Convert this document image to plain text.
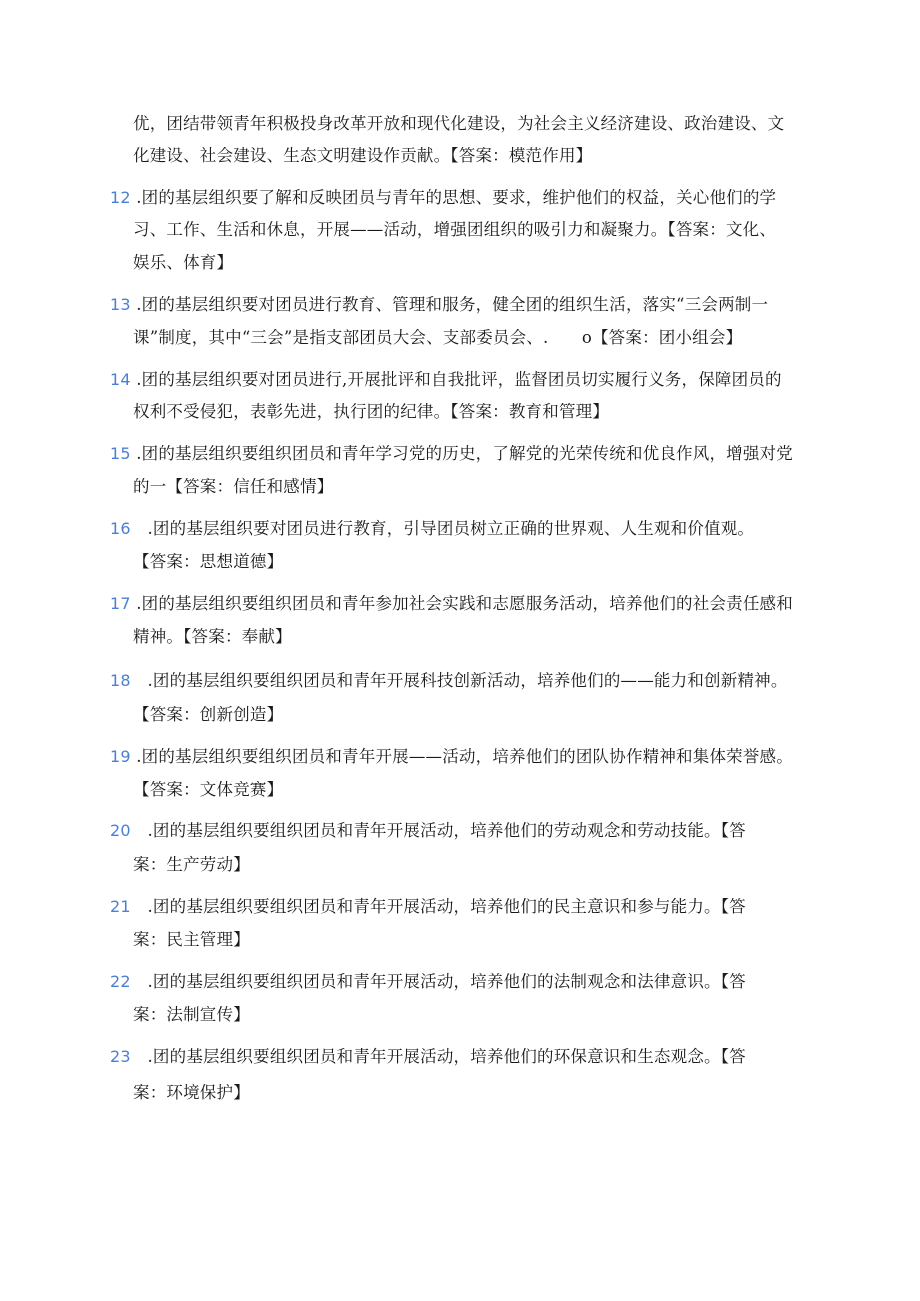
优，团结带领青年积极投身改革开放和现代化建设，为社会主义经济建设、政治建设、文
化建设、社会建设、生态文明建设作贡献。【答案：模范作用】
12 .团的基层组织要了解和反映团员与青年的思想、要求，维护他们的权益，关心他们的学
习、工作、生活和休息，开展——活动，增强团组织的吸引力和凝聚力。【答案：文化、
娱乐、体育】
13 .团的基层组织要对团员进行教育、管理和服务，健全团的组织生活，落实“三会两制一
课”制度，其中“三会”是指支部团员大会、支部委员会、.　　o【答案：团小组会】
14 .团的基层组织要对团员进行,开展批评和自我批评，监督团员切实履行义务，保障团员的
权利不受侵犯，表彰先进，执行团的纪律。【答案：教育和管理】
15 .团的基层组织要组织团员和青年学习党的历史，了解党的光荣传统和优良作风，增强对党
的一【答案：信任和感情】
16　.团的基层组织要对团员进行教育，引导团员树立正确的世界观、人生观和价值观。
【答案：思想道德】
17 .团的基层组织要组织团员和青年参加社会实践和志愿服务活动，培养他们的社会责任感和
精神。【答案：奉献】
18　.团的基层组织要组织团员和青年开展科技创新活动，培养他们的——能力和创新精神。
【答案：创新创造】
19 .团的基层组织要组织团员和青年开展——活动，培养他们的团队协作精神和集体荣誉感。
【答案：文体竞赛】
20　.团的基层组织要组织团员和青年开展活动，培养他们的劳动观念和劳动技能。【答
案：生产劳动】
21　.团的基层组织要组织团员和青年开展活动，培养他们的民主意识和参与能力。【答
案：民主管理】
22　.团的基层组织要组织团员和青年开展活动，培养他们的法制观念和法律意识。【答
案：法制宣传】
23　.团的基层组织要组织团员和青年开展活动，培养他们的环保意识和生态观念。【答
案：环境保护】
